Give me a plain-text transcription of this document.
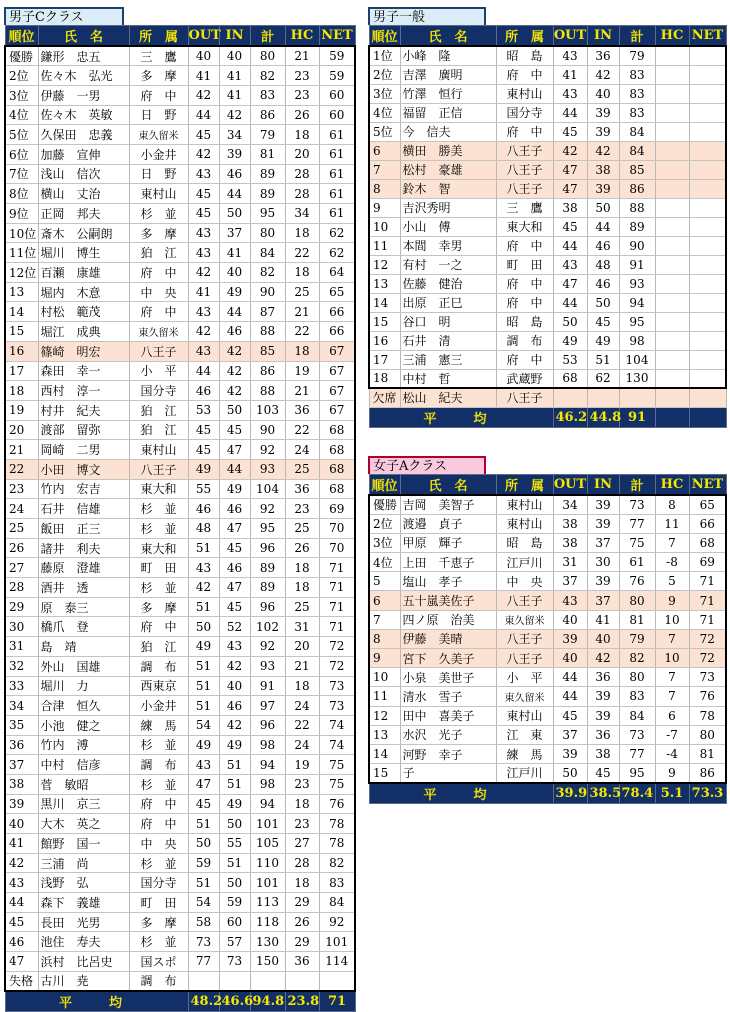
男子Cクラス
順位	氏　名	所　属	OUT	IN	計	HC	NET
優勝	鎌形　忠五	三　鷹	40	40	80	21	59
2位	佐々木　弘光	多　摩	41	41	82	23	59
3位	伊藤　一男	府　中	42	41	83	23	60
4位	佐々木　英敏	日　野	44	42	86	26	60
5位	久保田　忠義	東久留米	45	34	79	18	61
6位	加藤　宣伸	小金井	42	39	81	20	61
7位	浅山　信次	日　野	43	46	89	28	61
8位	横山　丈治	東村山	45	44	89	28	61
9位	正岡　邦夫	杉　並	45	50	95	34	61
10位	斎木　公嗣朗	多　摩	43	37	80	18	62
11位	堀川　博生	狛　江	43	41	84	22	62
12位	百瀬　康雄	府　中	42	40	82	18	64
13	堀内　木意	中　央	41	49	90	25	65
14	村松　範茂	府　中	43	44	87	21	66
15	堀江　成典	東久留米	42	46	88	22	66
16	篠崎　明宏	八王子	43	42	85	18	67
17	森田　幸一	小　平	44	42	86	19	67
18	西村　淳一	国分寺	46	42	88	21	67
19	村井　紀夫	狛　江	53	50	103	36	67
20	渡部　留弥	狛　江	45	45	90	22	68
21	岡崎　二男	東村山	45	47	92	24	68
22	小田　博文	八王子	49	44	93	25	68
23	竹内　宏吉	東大和	55	49	104	36	68
24	石井　信雄	杉　並	46	46	92	23	69
25	飯田　正三	杉　並	48	47	95	25	70
26	諸井　利夫	東大和	51	45	96	26	70
27	藤原　澄雄	町　田	43	46	89	18	71
28	酒井　透	杉　並	42	47	89	18	71
29	原　泰三	多　摩	51	45	96	25	71
30	橋爪　登	府　中	50	52	102	31	71
31	島　靖	狛　江	49	43	92	20	72
32	外山　国雄	調　布	51	42	93	21	72
33	堀川　力	西東京	51	40	91	18	73
34	合津　恒久	小金井	51	46	97	24	73
35	小池　健之	練　馬	54	42	96	22	74
36	竹内　溥	杉　並	49	49	98	24	74
37	中村　信彦	調　布	43	51	94	19	75
38	菅　敏昭	杉　並	47	51	98	23	75
39	黒川　京三	府　中	45	49	94	18	76
40	大木　英之	府　中	51	50	101	23	78
41	館野　国一	中　央	50	55	105	27	78
42	三浦　尚	杉　並	59	51	110	28	82
43	浅野　弘	国分寺	51	50	101	18	83
44	森下　義雄	町　田	54	59	113	29	84
45	長田　光男	多　摩	58	60	118	26	92
46	池住　寿夫	杉　並	73	57	130	29	101
47	浜村　比呂史	国スポ	77	73	150	36	114
失格	古川　尭	調　布					
平　均			48.2	46.6	94.8	23.8	71
男子一般
順位	氏　名	所　属	OUT	IN	計	HC	NET
1位	小峰　隆	昭　島	43	36	79		
2位	吉澤　廣明	府　中	41	42	83		
3位	竹澤　恒行	東村山	43	40	83		
4位	福留　正信	国分寺	44	39	83		
5位	今　信夫	府　中	45	39	84		
6	横田　勝美	八王子	42	42	84		
7	松村　豪雄	八王子	47	38	85		
8	鈴木　智	八王子	47	39	86		
9	吉沢秀明	三　鷹	38	50	88		
10	小山　傅	東大和	45	44	89		
11	本間　幸男	府　中	44	46	90		
12	有村　一之	町　田	43	48	91		
13	佐藤　健治	府　中	47	46	93		
14	出原　正巳	府　中	44	50	94		
15	谷口　明	昭　島	50	45	95		
16	石井　清	調　布	49	49	98		
17	三浦　憲三	府　中	53	51	104		
18	中村　哲	武蔵野	68	62	130		
欠席	松山　紀夫	八王子					
平　均			46.2	44.8	91		
女子Aクラス
順位	氏　名	所　属	OUT	IN	計	HC	NET
優勝	吉岡　美智子	東村山	34	39	73	8	65
2位	渡邉　貞子	東村山	38	39	77	11	66
3位	甲原　輝子	昭　島	38	37	75	7	68
4位	上田　千恵子	江戸川	31	30	61	-8	69
5	塩山　孝子	中　央	37	39	76	5	71
6	五十嵐美佐子	八王子	43	37	80	9	71
7	四ノ原　治美	東久留米	40	41	81	10	71
8	伊藤　美晴	八王子	39	40	79	7	72
9	宮下　久美子	八王子	40	42	82	10	72
10	小泉　美世子	小　平	44	36	80	7	73
11	清水　雪子	東久留米	44	39	83	7	76
12	田中　喜美子	東村山	45	39	84	6	78
13	水沢　光子	江　東	37	36	73	-7	80
14	河野　幸子	練　馬	39	38	77	-4	81
15	子	江戸川	50	45	95	9	86
平　均			39.9	38.5	78.4	5.1	73.3
